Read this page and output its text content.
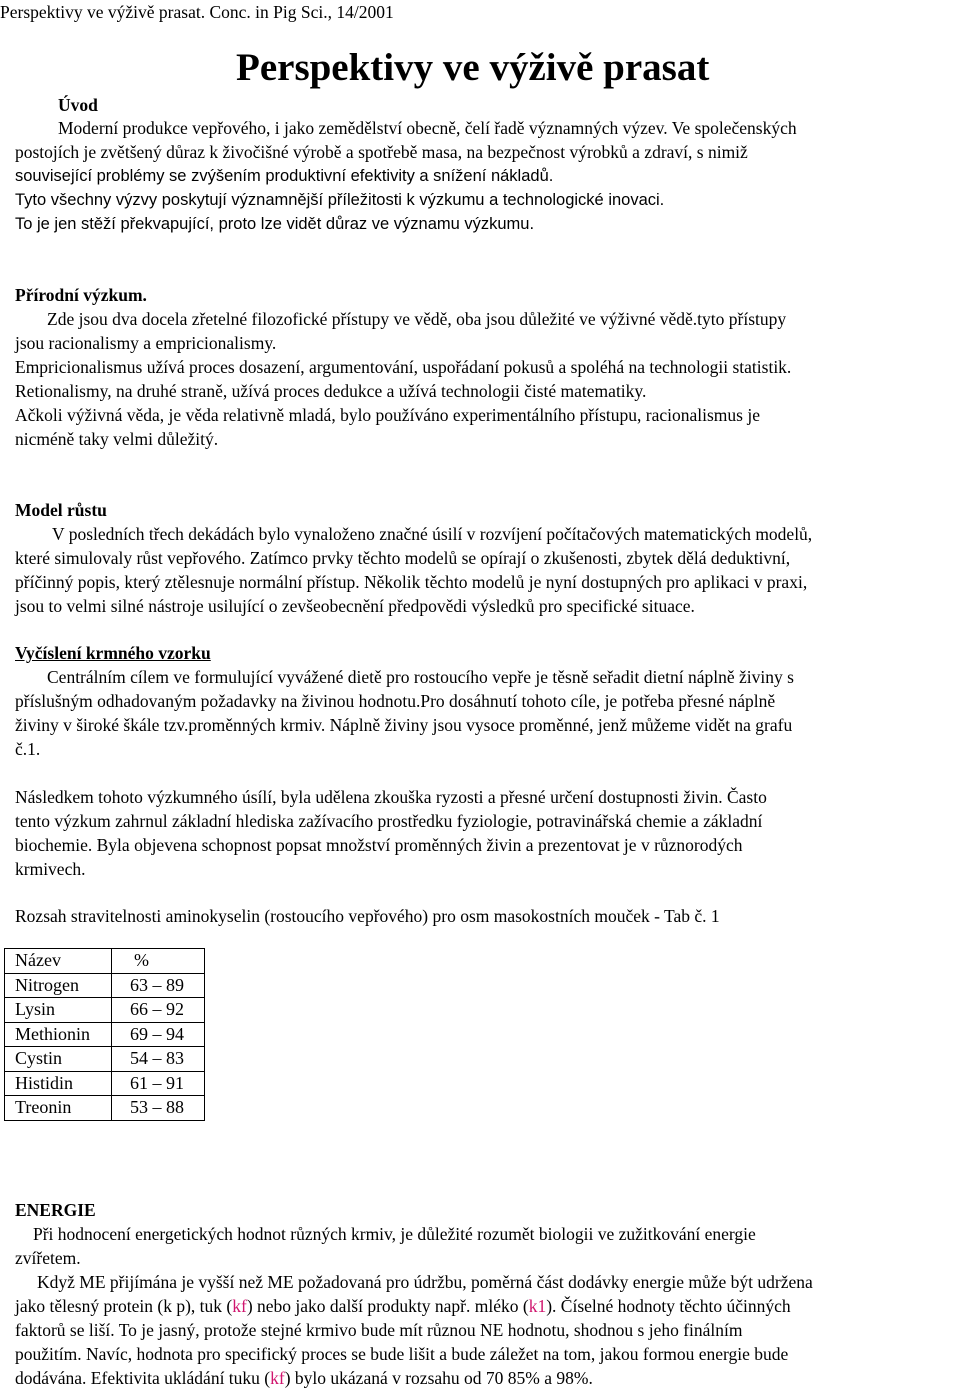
Perspektivy ve výživě prasat. Conc. in Pig Sci., 14/2001
Perspektivy ve výživě prasat
Úvod
Moderní produkce vepřového, i jako zemědělství obecně, čelí řadě významných výzev. Ve společenských
postojích je zvětšený důraz k živočišné výrobě a spotřebě masa, na bezpečnost výrobků a zdraví, s nimiž
související problémy se zvýšením produktivní efektivity a snížení nákladů.
Tyto všechny výzvy poskytují významnější příležitosti k výzkumu a technologické inovaci.
To je jen stěží překvapující, proto lze vidět důraz ve významu výzkumu.
Přírodní výzkum.
Zde jsou dva docela zřetelné filozofické přístupy ve vědě, oba jsou důležité ve výživné vědě.tyto přístupy
jsou racionalismy a empricionalismy.
Empricionalismus užívá proces dosazení, argumentování, uspořádaní pokusů a spoléhá na technologii statistik.
Retionalismy, na druhé straně, užívá proces dedukce a užívá technologii čisté matematiky.
Ačkoli výživná věda, je věda relativně mladá, bylo používáno experimentálního přístupu, racionalismus je
nicméně taky velmi důležitý.
Model růstu
V posledních třech dekádách bylo vynaloženo značné úsilí v rozvíjení počítačových matematických modelů,
které simulovaly růst vepřového. Zatímco prvky těchto modelů se opírají o zkušenosti, zbytek dělá deduktivní,
příčinný popis, který ztělesnuje normální přístup. Několik těchto modelů je nyní dostupných pro aplikaci v praxi,
jsou to velmi silné nástroje usilující o zevšeobecnění předpovědi výsledků pro specifické situace.
Vyčíslení krmného vzorku
Centrálním cílem ve formulující vyvážené dietě pro rostoucího vepře je těsně seřadit dietní náplně živiny s
příslušným odhadovaným požadavky na živinou hodnotu.Pro dosáhnutí tohoto cíle, je potřeba přesné náplně
živiny v široké škále tzv.proměnných krmiv. Náplně živiny jsou vysoce proměnné, jenž můžeme vidět na grafu
č.1.
Následkem tohoto výzkumného úsílí, byla udělena zkouška ryzosti a přesné určení dostupnosti živin. Často
tento výzkum zahrnul základní hlediska zažívacího prostředku fyziologie, potravinářská chemie a základní
biochemie. Byla objevena schopnost popsat množství proměnných živin a prezentovat je v různorodých
krmivech.
Rozsah stravitelnosti aminokyselin (rostoucího vepřového) pro osm masokostních mouček - Tab č. 1
Název	%
Nitrogen	63 – 89
Lysin	66 – 92
Methionin	69 – 94
Cystin	54 – 83
Histidin	61 – 91
Treonin	53 – 88
ENERGIE
Při hodnocení energetických hodnot různých krmiv, je důležité rozumět biologii ve zužitkování energie
zvířetem.
Když ME přijímána je vyšší než ME požadovaná pro údržbu, poměrná část dodávky energie může být udržena
jako tělesný protein (k p), tuk (kf) nebo jako další produkty např. mléko (k1). Číselné hodnoty těchto účinných
faktorů se liší. To je jasný, protože stejné krmivo bude mít různou NE hodnotu, shodnou s jeho finálním
použitím. Navíc, hodnota pro specifický proces se bude lišit a bude záležet na tom, jakou formou energie bude
dodávána. Efektivita ukládání tuku (kf) bylo ukázaná v rozsahu od 70 85% a 98%.
